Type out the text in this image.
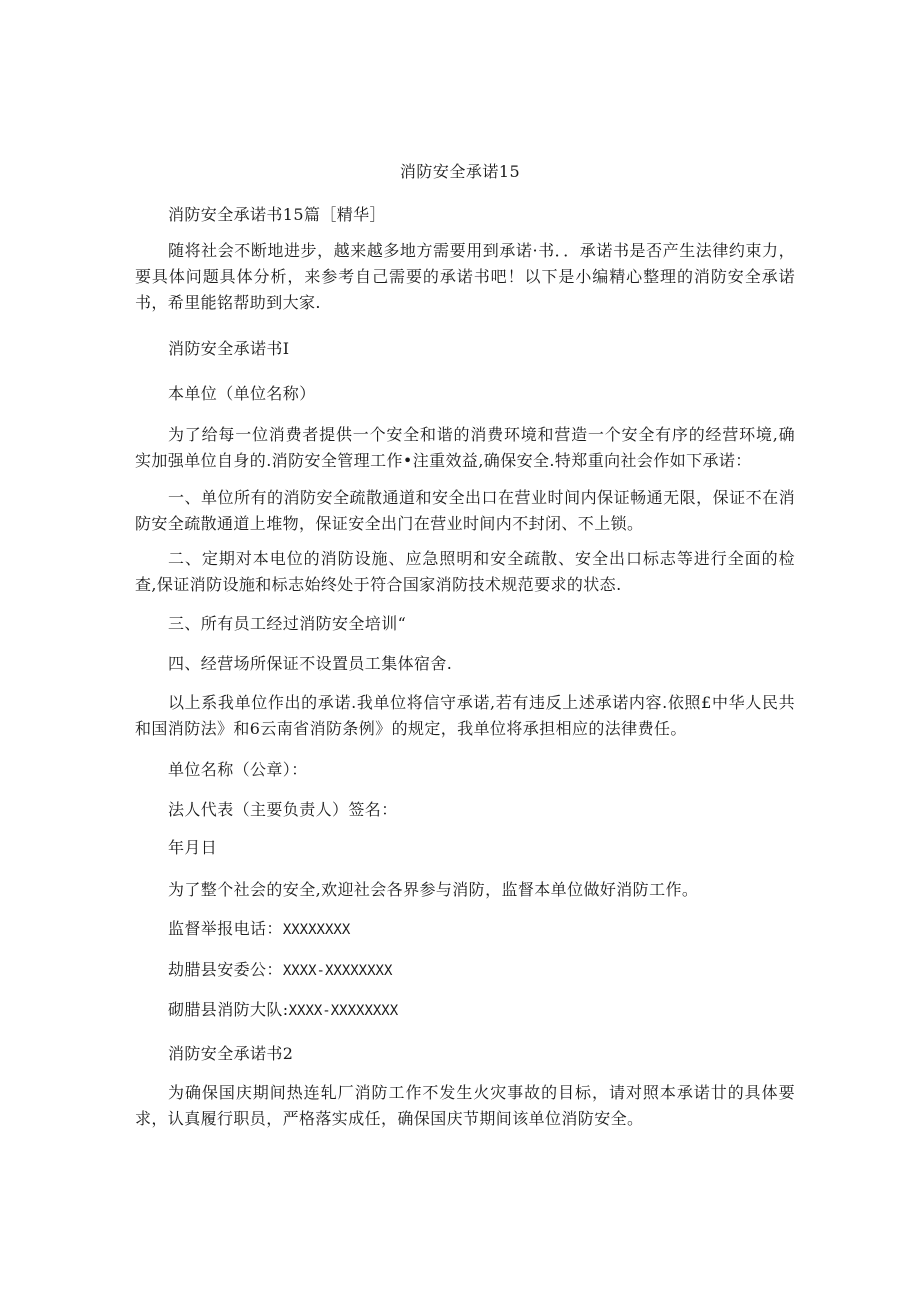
消防安全承诺15
消防安全承诺书15篇［精华］
随将社会不断地进步，越来越多地方需要用到承诺·书．．承诺书是否产生法律约束力，要具体问题具体分析，来参考自己需要的承诺书吧！以下是小编精心整理的消防安全承诺书，希里能铭帮助到大家.
消防安全承诺书I
本单位（单位名称）
为了给每一位消费者提供一个安全和谐的消费环境和营造一个安全有序的经营环境,确实加强单位自身的.消防安全管理工作•注重效益,确保安全.特郑重向社会作如下承诺：
一、单位所有的消防安全疏散通道和安全出口在营业时间内保证畅通无限，保证不在消防安全疏散通道上堆物，保证安全出门在营业时间内不封闭、不上锁。
二、定期对本电位的消防设施、应急照明和安全疏散、安全出口标志等进行全面的检查,保证消防设施和标志始终处于符合国家消防技术规范要求的状态.
三、所有员工经过消防安全培训“
四、经营场所保证不设置员工集体宿舍.
以上系我单位作出的承诺.我单位将信守承诺,若有违反上述承诺内容.依照£中华人民共和国消防法》和6云南省消防条例》的规定，我单位将承担相应的法律费任。
单位名称（公章）：
法人代表（主要负责人）签名：
年月日
为了整个社会的安全,欢迎社会各界参与消防，监督本单位做好消防工作。
监督举报电话：XXXXXXXX
劫腊县安委公：XXXX-XXXXXXXX
砌腊县消防大队:XXXX-XXXXXXXX
消防安全承诺书2
为确保国庆期间热连轧厂消防工作不发生火灾事故的目标，请对照本承诺廿的具体要求，认真履行职员，严格落实成任，确保国庆节期间该单位消防安全。
